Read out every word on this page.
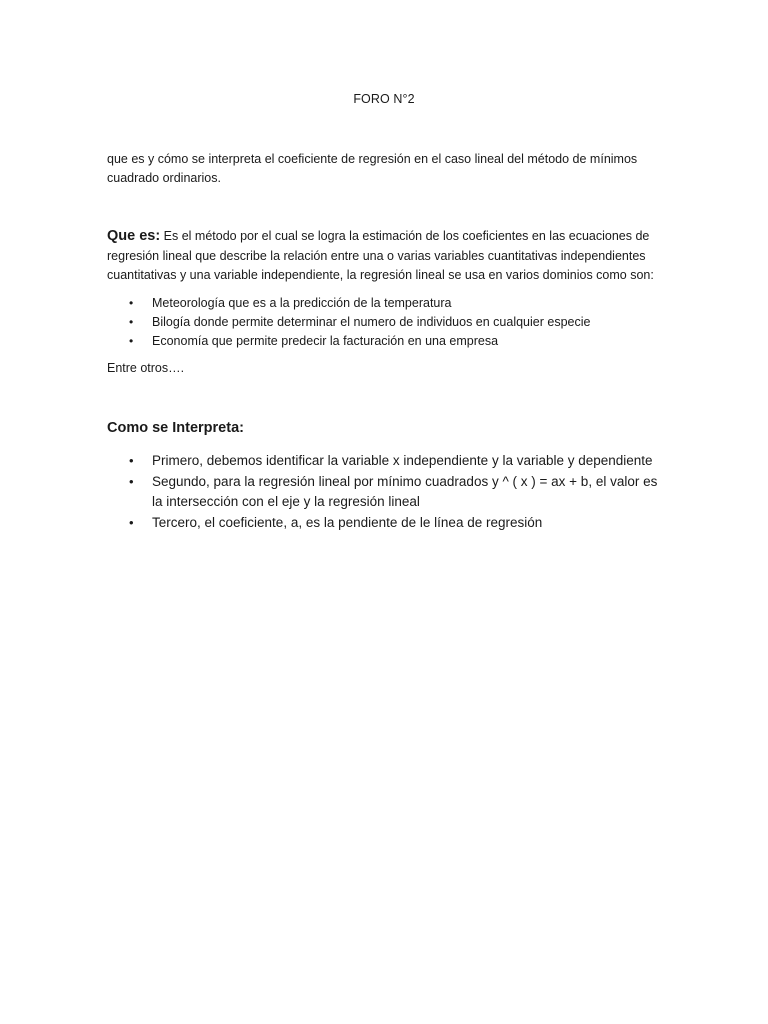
FORO N°2
que es y cómo se interpreta el coeficiente de regresión en el caso lineal del método de mínimos cuadrado ordinarios.
Que es: Es el método por el cual se logra la estimación de los coeficientes en las ecuaciones de regresión lineal que describe la relación entre una o varias variables cuantitativas independientes cuantitativas y una variable independiente, la regresión lineal se usa en varios dominios como son:
• Meteorología que es a la predicción de la temperatura
• Bilogía donde permite determinar el numero de individuos en cualquier especie
• Economía que permite predecir la facturación en una empresa
Entre otros….
Como se Interpreta:
• Primero, debemos identificar la variable x independiente y la variable y dependiente
• Segundo, para la regresión lineal por mínimo cuadrados y ^ ( x ) = ax + b, el valor es la intersección con el eje y la regresión lineal
• Tercero, el coeficiente, a, es la pendiente de le línea de regresión
